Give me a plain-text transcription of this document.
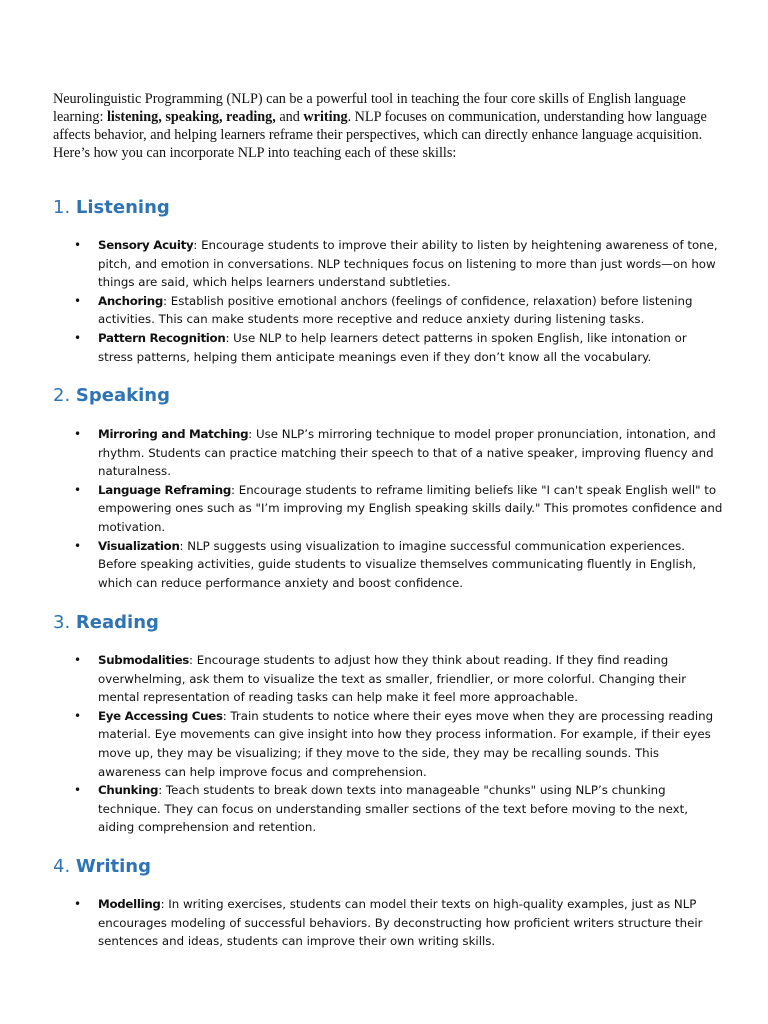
Neurolinguistic Programming (NLP) can be a powerful tool in teaching the four core skills of English language learning: listening, speaking, reading, and writing. NLP focuses on communication, understanding how language affects behavior, and helping learners reframe their perspectives, which can directly enhance language acquisition. Here’s how you can incorporate NLP into teaching each of these skills:

1. Listening
• Sensory Acuity: Encourage students to improve their ability to listen by heightening awareness of tone, pitch, and emotion in conversations. NLP techniques focus on listening to more than just words—on how things are said, which helps learners understand subtleties.
• Anchoring: Establish positive emotional anchors (feelings of confidence, relaxation) before listening activities. This can make students more receptive and reduce anxiety during listening tasks.
• Pattern Recognition: Use NLP to help learners detect patterns in spoken English, like intonation or stress patterns, helping them anticipate meanings even if they don’t know all the vocabulary.
2. Speaking
• Mirroring and Matching: Use NLP’s mirroring technique to model proper pronunciation, intonation, and rhythm. Students can practice matching their speech to that of a native speaker, improving fluency and naturalness.
• Language Reframing: Encourage students to reframe limiting beliefs like "I can't speak English well" to empowering ones such as "I’m improving my English speaking skills daily." This promotes confidence and motivation.
• Visualization: NLP suggests using visualization to imagine successful communication experiences. Before speaking activities, guide students to visualize themselves communicating fluently in English, which can reduce performance anxiety and boost confidence.
3. Reading
• Submodalities: Encourage students to adjust how they think about reading. If they find reading overwhelming, ask them to visualize the text as smaller, friendlier, or more colorful. Changing their mental representation of reading tasks can help make it feel more approachable.
• Eye Accessing Cues: Train students to notice where their eyes move when they are processing reading material. Eye movements can give insight into how they process information. For example, if their eyes move up, they may be visualizing; if they move to the side, they may be recalling sounds. This awareness can help improve focus and comprehension.
• Chunking: Teach students to break down texts into manageable "chunks" using NLP’s chunking technique. They can focus on understanding smaller sections of the text before moving to the next, aiding comprehension and retention.
4. Writing
• Modelling: In writing exercises, students can model their texts on high-quality examples, just as NLP encourages modeling of successful behaviors. By deconstructing how proficient writers structure their sentences and ideas, students can improve their own writing skills.
